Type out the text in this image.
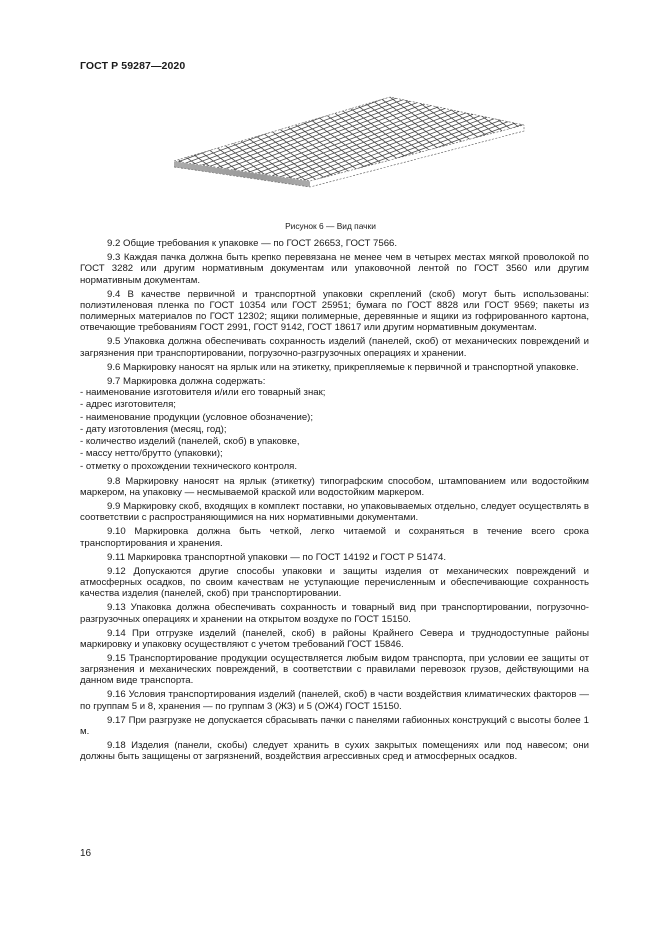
ГОСТ Р 59287—2020
Рисунок 6 — Вид пачки

9.2 Общие требования к упаковке — по ГОСТ 26653, ГОСТ 7566.

9.3 Каждая пачка должна быть крепко перевязана не менее чем в четырех местах мягкой проволокой по ГОСТ 3282 или другим нормативным документам или упаковочной лентой по ГОСТ 3560 или другим нормативным документам.

9.4 В качестве первичной и транспортной упаковки скреплений (скоб) могут быть использованы: полиэтиленовая пленка по ГОСТ 10354 или ГОСТ 25951; бумага по ГОСТ 8828 или ГОСТ 9569; пакеты из полимерных материалов по ГОСТ 12302; ящики полимерные, деревянные и ящики из гофрированного картона, отвечающие требованиям ГОСТ 2991, ГОСТ 9142, ГОСТ 18617 или другим нормативным документам.

9.5 Упаковка должна обеспечивать сохранность изделий (панелей, скоб) от механических повреждений и загрязнения при транспортировании, погрузочно-разгрузочных операциях и хранении.

9.6 Маркировку наносят на ярлык или на этикетку, прикрепляемые к первичной и транспортной упаковке.

9.7 Маркировка должна содержать:

- наименование изготовителя и/или его товарный знак;

- адрес изготовителя;

- наименование продукции (условное обозначение);

- дату изготовления (месяц, год);

- количество изделий (панелей, скоб) в упаковке,

- массу нетто/брутто (упаковки);

- отметку о прохождении технического контроля.

9.8 Маркировку наносят на ярлык (этикетку) типографским способом, штампованием или водостойким маркером, на упаковку — несмываемой краской или водостойким маркером.

9.9 Маркировку скоб, входящих в комплект поставки, но упаковываемых отдельно, следует осуществлять в соответствии с распространяющимися на них нормативными документами.

9.10 Маркировка должна быть четкой, легко читаемой и сохраняться в течение всего срока транспортирования и хранения.

9.11 Маркировка транспортной упаковки — по ГОСТ 14192 и ГОСТ Р 51474.

9.12 Допускаются другие способы упаковки и защиты изделия от механических повреждений и атмосферных осадков, по своим качествам не уступающие перечисленным и обеспечивающие сохранность качества изделия (панелей, скоб) при транспортировании.

9.13 Упаковка должна обеспечивать сохранность и товарный вид при транспортировании, погрузочно-разгрузочных операциях и хранении на открытом воздухе по ГОСТ 15150.

9.14 При отгрузке изделий (панелей, скоб) в районы Крайнего Севера и труднодоступные районы маркировку и упаковку осуществляют с учетом требований ГОСТ 15846.

9.15 Транспортирование продукции осуществляется любым видом транспорта, при условии ее защиты от загрязнения и механических повреждений, в соответствии с правилами перевозок грузов, действующими на данном виде транспорта.

9.16 Условия транспортирования изделий (панелей, скоб) в части воздействия климатических факторов — по группам 5 и 8, хранения — по группам 3 (ЖЗ) и 5 (ОЖ4) ГОСТ 15150.

9.17 При разгрузке не допускается сбрасывать пачки с панелями габионных конструкций с высоты более 1 м.

9.18 Изделия (панели, скобы) следует хранить в сухих закрытых помещениях или под навесом; они должны быть защищены от загрязнений, воздействия агрессивных сред и атмосферных осадков.

16
